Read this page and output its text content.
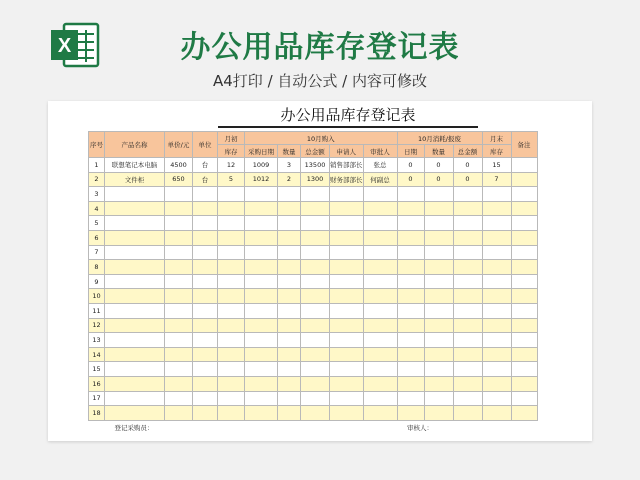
X	办公用品库存登记表
A4打印 / 自动公式 / 内容可修改
办公用品库存登记表
序号	产品名称	单价/元	单位	月初	10月购入					10月消耗/报废			月末	备注
				库存	采购日期	数量	总金额	申请人	审批人	日期	数量	总金额	库存	
1	联想笔记本电脑	4500	台	12	1009	3	13500	销售部部长	张总	0	0	0	15	
2	文件柜	650	台	5	1012	2	1300	财务部部长	何副总	0	0	0	7	
3														
4														
5														
6														
7														
8														
9														
10														
11														
12														
13														
14														
15														
16														
17														
18														
	登记采购员：									审核人：				
